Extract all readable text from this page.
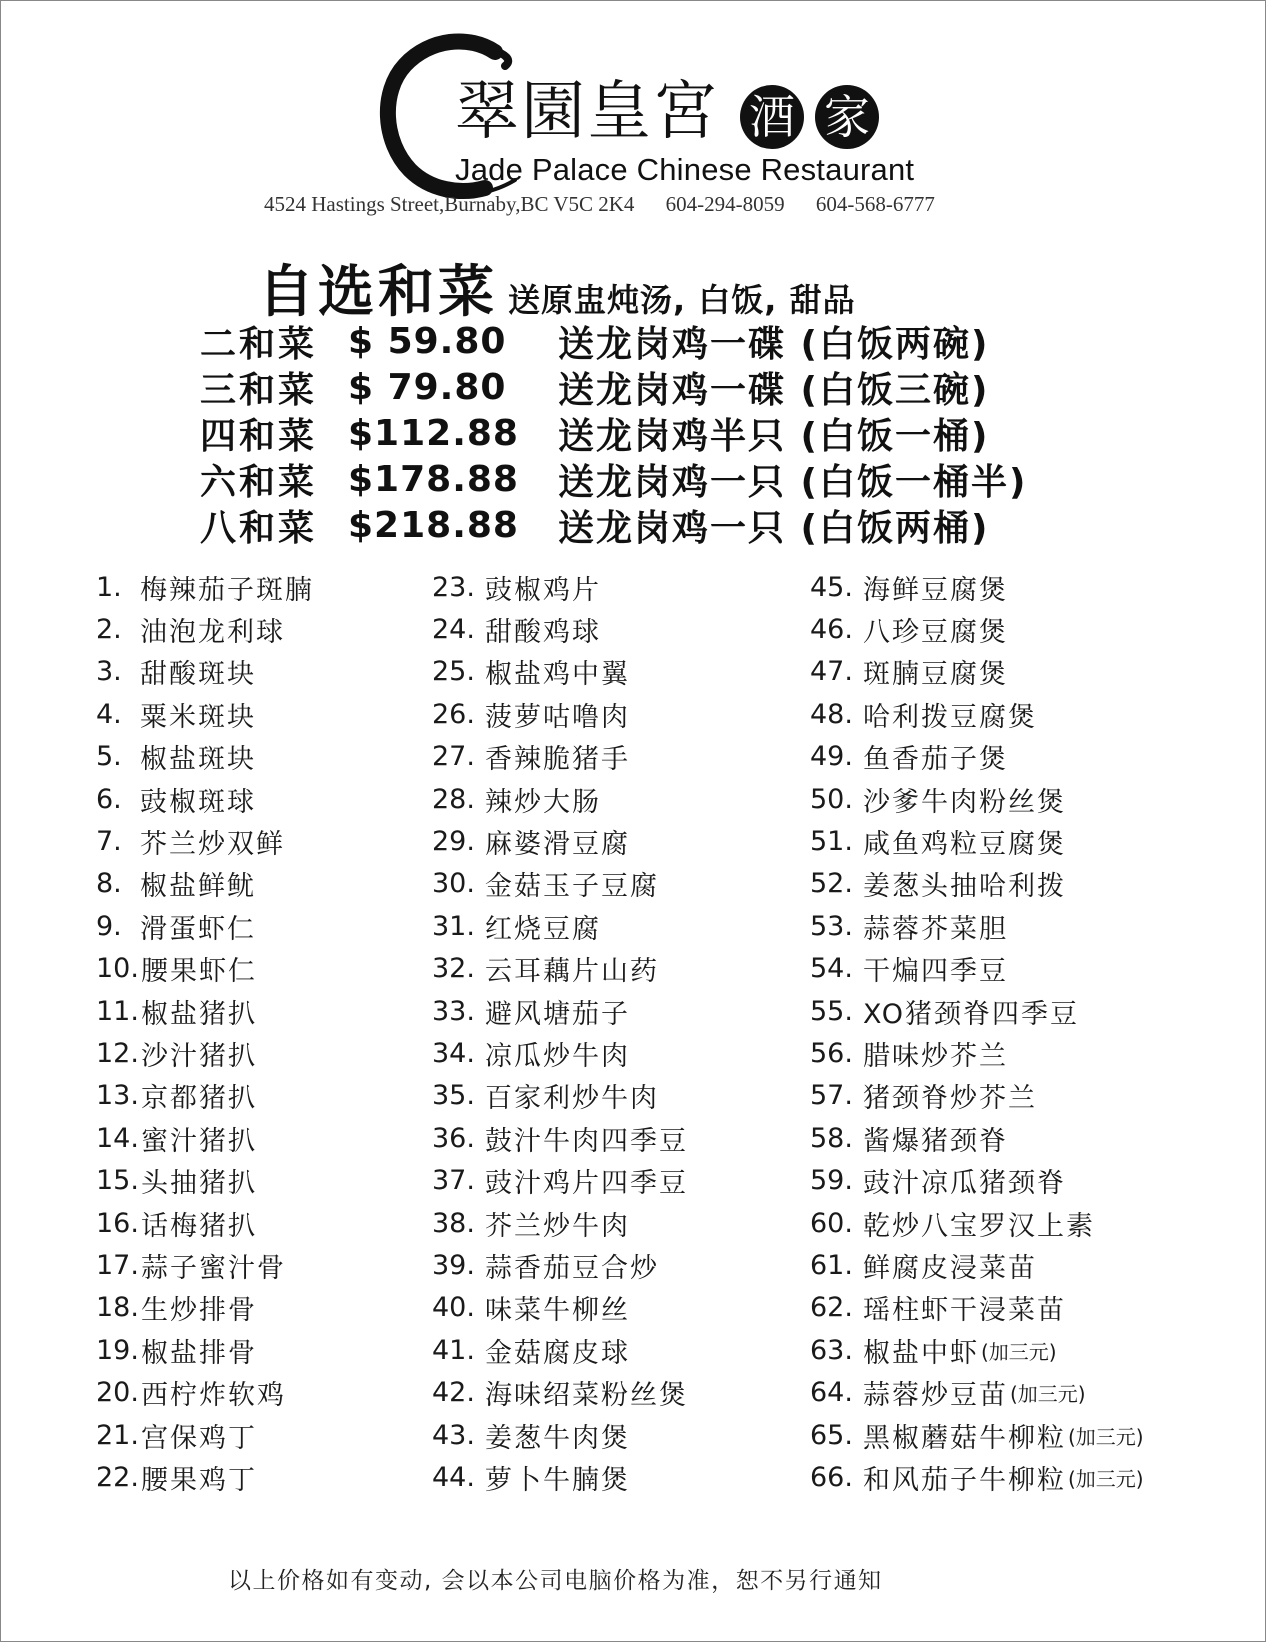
翠園皇宮 酒 家
Jade Palace Chinese Restaurant
4524 Hastings Street,Burnaby,BC V5C 2K4 604-294-8059 604-568-6777
自选和菜 送原盅炖汤, 白饭, 甜品
二和菜 $ 59.80	送龙岗鸡一碟 (白饭两碗)
三和菜 $ 79.80	送龙岗鸡一碟 (白饭三碗)
四和菜 $112.88	送龙岗鸡半只 (白饭一桶)
六和菜 $178.88	送龙岗鸡一只 (白饭一桶半)
八和菜 $218.88	送龙岗鸡一只 (白饭两桶)
1. 梅辣茄子斑腩
2. 油泡龙利球
3. 甜酸斑块
4. 粟米斑块
5. 椒盐斑块
6. 豉椒斑球
7. 芥兰炒双鲜
8. 椒盐鲜鱿
9. 滑蛋虾仁
10. 腰果虾仁
11. 椒盐猪扒
12. 沙汁猪扒
13. 京都猪扒
14. 蜜汁猪扒
15. 头抽猪扒
16. 话梅猪扒
17. 蒜子蜜汁骨
18. 生炒排骨
19. 椒盐排骨
20. 西柠炸软鸡
21. 宫保鸡丁
22. 腰果鸡丁
23. 豉椒鸡片
24. 甜酸鸡球
25. 椒盐鸡中翼
26. 菠萝咕噜肉
27. 香辣脆猪手
28. 辣炒大肠
29. 麻婆滑豆腐
30. 金菇玉子豆腐
31. 红烧豆腐
32. 云耳藕片山药
33. 避风塘茄子
34. 凉瓜炒牛肉
35. 百家利炒牛肉
36. 鼓汁牛肉四季豆
37. 豉汁鸡片四季豆
38. 芥兰炒牛肉
39. 蒜香茄豆合炒
40. 味菜牛柳丝
41. 金菇腐皮球
42. 海味绍菜粉丝煲
43. 姜葱牛肉煲
44. 萝卜牛腩煲
45. 海鲜豆腐煲
46. 八珍豆腐煲
47. 斑腩豆腐煲
48. 哈利拨豆腐煲
49. 鱼香茄子煲
50. 沙爹牛肉粉丝煲
51. 咸鱼鸡粒豆腐煲
52. 姜葱头抽哈利拨
53. 蒜蓉芥菜胆
54. 干煸四季豆
55. XO猪颈脊四季豆
56. 腊味炒芥兰
57. 猪颈脊炒芥兰
58. 酱爆猪颈脊
59. 豉汁凉瓜猪颈脊
60. 乾炒八宝罗汉上素
61. 鲜腐皮浸菜苗
62. 瑶柱虾干浸菜苗
63. 椒盐中虾 (加三元)
64. 蒜蓉炒豆苗 (加三元)
65. 黑椒蘑菇牛柳粒 (加三元)
66. 和风茄子牛柳粒 (加三元)
以上价格如有变动, 会以本公司电脑价格为准，恕不另行通知
